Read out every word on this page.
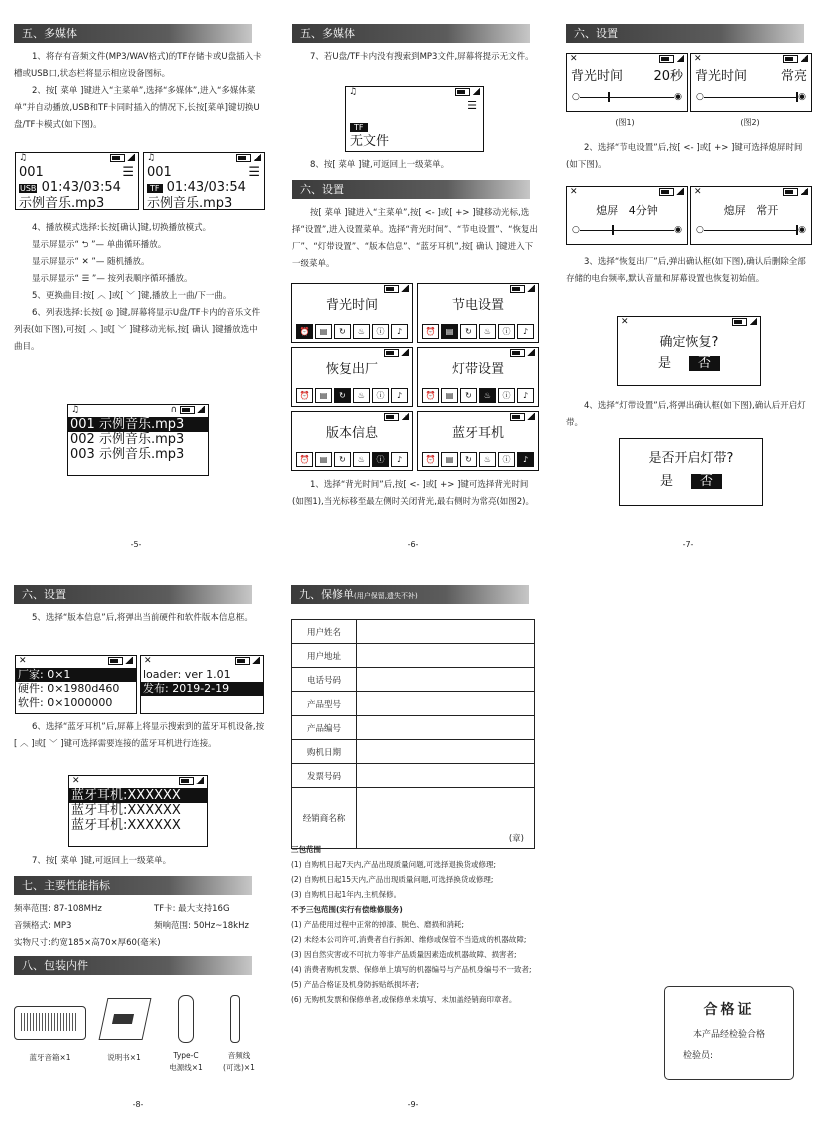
五、多媒体

1、将存有音频文件(MP3/WAV格式)的TF存储卡或U盘插入卡槽或USB口,状态栏将显示相应设备图标。

2、按[ 菜单 ]键进入“主菜单”,选择“多媒体”,进入“多媒体菜单”并自动播放,USB和TF卡同时插入的情况下,长按[菜单]键切换U盘/TF卡模式(如下图)。

♫
001	☰
USB 01:43/03:54
示例音乐.mp3
♫
001	☰
TF 01:43/03:54
示例音乐.mp3

4、播放模式选择:长按[确认]键,切换播放模式。

显示屏显示“ ⮌ ”— 单曲循环播放。
显示屏显示“ ✕ ”— 随机播放。
显示屏显示“ ☰ ”— 按列表顺序循环播放。

5、更换曲目:按[ ︿ ]或[ ﹀ ]键,播放上一曲/下一曲。

6、列表选择:长按[ ◎ ]键,屏幕将显示U盘/TF卡内的音乐文件列表(如下图),可按[ ︿ ]或[ ﹀ ]键移动光标,按[ 确认 ]键播放选中曲目。

♫	∩
001 示例音乐.mp3
002 示例音乐.mp3
003 示例音乐.mp3
-5-
五、多媒体

7、若U盘/TF卡内没有搜索到MP3文件,屏幕将提示无文件。

♫
☰
TF
无文件

8、按[ 菜单 ]键,可返回上一级菜单。

六、设置

按[ 菜单 ]键进入“主菜单”,按[ <- ]或[ +> ]键移动光标,选择“设置”,进入设置菜单。选择“背光时间”、“节电设置”、“恢复出厂”、“灯带设置”、“版本信息”、“蓝牙耳机”,按[ 确认 ]键进入下一级菜单。

背光时间
⏰	▤	↻	♨	ⓘ	♪
节电设置
⏰	▤	↻	♨	ⓘ	♪
恢复出厂
⏰	▤	↻	♨	ⓘ	♪
灯带设置
⏰	▤	↻	♨	ⓘ	♪
版本信息
⏰	▤	↻	♨	ⓘ	♪
蓝牙耳机
⏰	▤	↻	♨	ⓘ	♪

1、选择“背光时间”后,按[ <- ]或[ +> ]键可选择背光时间(如图1),当光标移至最左侧时关闭背光,最右侧时为常亮(如图2)。

-6-
六、设置
✕
背光时间 20秒
○	◉
✕
背光时间	常亮
○	◉
(图1)	(图2)

2、选择“节电设置”后,按[ <- ]或[ +> ]键可选择熄屏时间(如下图)。

✕
熄屏 4分钟
○	◉
✕
熄屏 常开
○	◉

3、选择“恢复出厂”后,弹出确认框(如下图),确认后删除全部存储的电台频率,默认音量和屏幕设置也恢复初始值。

✕
确定恢复?
是 否

4、选择“灯带设置”后,将弹出确认框(如下图),确认后开启灯带。

是否开启灯带?
是 否
-7-
六、设置

5、选择“版本信息”后,将弹出当前硬件和软件版本信息框。

✕
厂家: 0×1
硬件: 0×1980d460
软件: 0×1000000
✕
loader: ver 1.01
发布: 2019-2-19

6、选择“蓝牙耳机”后,屏幕上将显示搜索到的蓝牙耳机设备,按[ ︿ ]或[ ﹀ ]键可选择需要连接的蓝牙耳机进行连接。

✕
蓝牙耳机:XXXXXX
蓝牙耳机:XXXXXX
蓝牙耳机:XXXXXX

7、按[ 菜单 ]键,可返回上一级菜单。

七、主要性能指标
频率范围: 87-108MHz	TF卡: 最大支持16G
音频格式: MP3	频响范围: 50Hz~18kHz
实物尺寸:约宽185×高70×厚60(毫米)
八、包装内件
蓝牙音箱×1	说明书×1	Type-C
电源线×1
音频线
(可选)×1
-8-
九、保修单(用户保留,遗失不补)
用户姓名	
用户地址	
电话号码	
产品型号	
产品编号	
购机日期	
发票号码	
经销商名称	(章)
三包范围
(1) 自购机日起7天内,产品出现质量问题,可选择退换货或修理;
(2) 自购机日起15天内,产品出现质量问题,可选择换货或修理;
(3) 自购机日起1年内,主机保修。
不予三包范围(实行有偿维修服务)
(1) 产品使用过程中正常的掉漆、脱色、磨损和消耗;
(2) 未经本公司许可,消费者自行拆卸、维修或保管不当造成的机器故障;
(3) 因自然灾害或不可抗力等非产品质量因素造成机器故障、损害者;
(4) 消费者购机发票、保修单上填写的机器编号与产品机身编号不一致者;
(5) 产品合格证及机身防拆贴纸损坏者;
(6) 无购机发票和保修单者,或保修单未填写、未加盖经销商印章者。
-9-
合格证
本产品经检验合格
检验员:
